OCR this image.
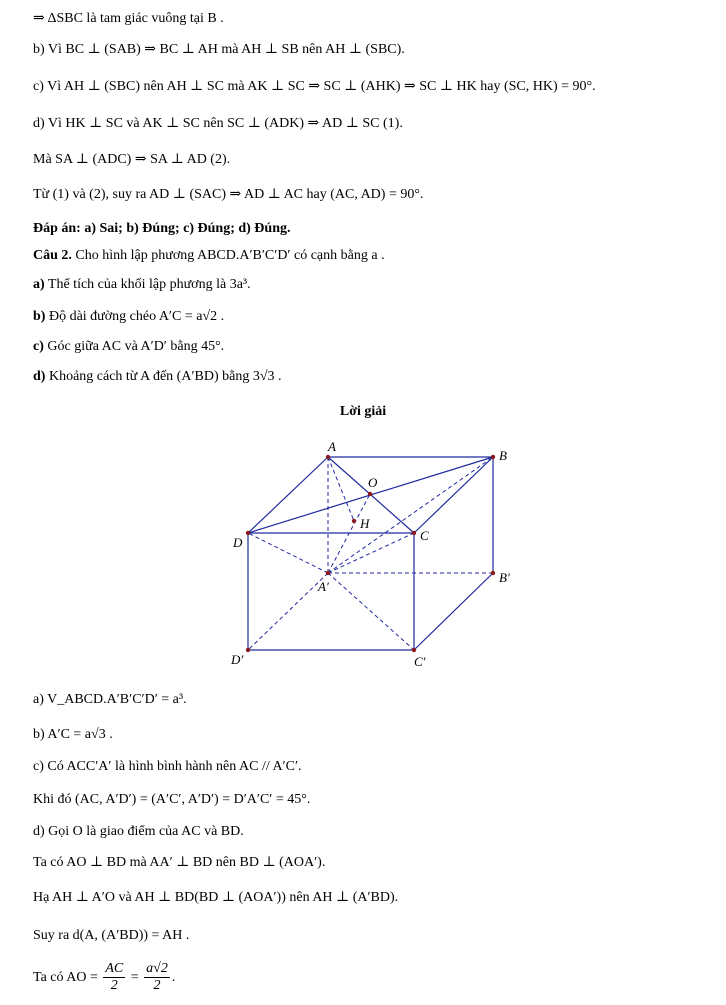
⇒ ΔSBC là tam giác vuông tại B .
b) Vì BC ⊥ (SAB) ⇒ BC ⊥ AH mà AH ⊥ SB nên AH ⊥ (SBC).
c) Vì AH ⊥ (SBC) nên AH ⊥ SC mà AK ⊥ SC ⇒ SC ⊥ (AHK) ⇒ SC ⊥ HK hay (SC, HK) = 90°.
d) Vì HK ⊥ SC và AK ⊥ SC nên SC ⊥ (ADK) ⇒ AD ⊥ SC (1).
Mà SA ⊥ (ADC) ⇒ SA ⊥ AD (2).
Từ (1) và (2), suy ra AD ⊥ (SAC) ⇒ AD ⊥ AC hay (AC, AD) = 90°.
Đáp án: a) Sai; b) Đúng; c) Đúng; d) Đúng.
Câu 2. Cho hình lập phương ABCD.A′B′C′D′ có cạnh bằng a .
a) Thể tích của khối lập phương là 3a³.
b) Độ dài đường chéo A′C = a√2 .
c) Góc giữa AC và A′D′ bằng 45°.
d) Khoảng cách từ A đến (A′BD) bằng 3√3 .
Lời giải
A
B
C
D
O
H
A′
B′
C′
D′
a) V_ABCD.A′B′C′D′ = a³.
b) A′C = a√3 .
c) Có ACC′A′ là hình bình hành nên AC // A′C′.
Khi đó (AC, A′D′) = (A′C′, A′D′) = D′A′C′ = 45°.
d) Gọi O là giao điểm của AC và BD.
Ta có AO ⊥ BD mà AA′ ⊥ BD nên BD ⊥ (AOA′).
Hạ AH ⊥ A′O và AH ⊥ BD(BD ⊥ (AOA′)) nên AH ⊥ (A′BD).
Suy ra d(A, (A′BD)) = AH .
Ta có AO = $\frac{AC}{2} = \frac{a√2}{2}$ .
